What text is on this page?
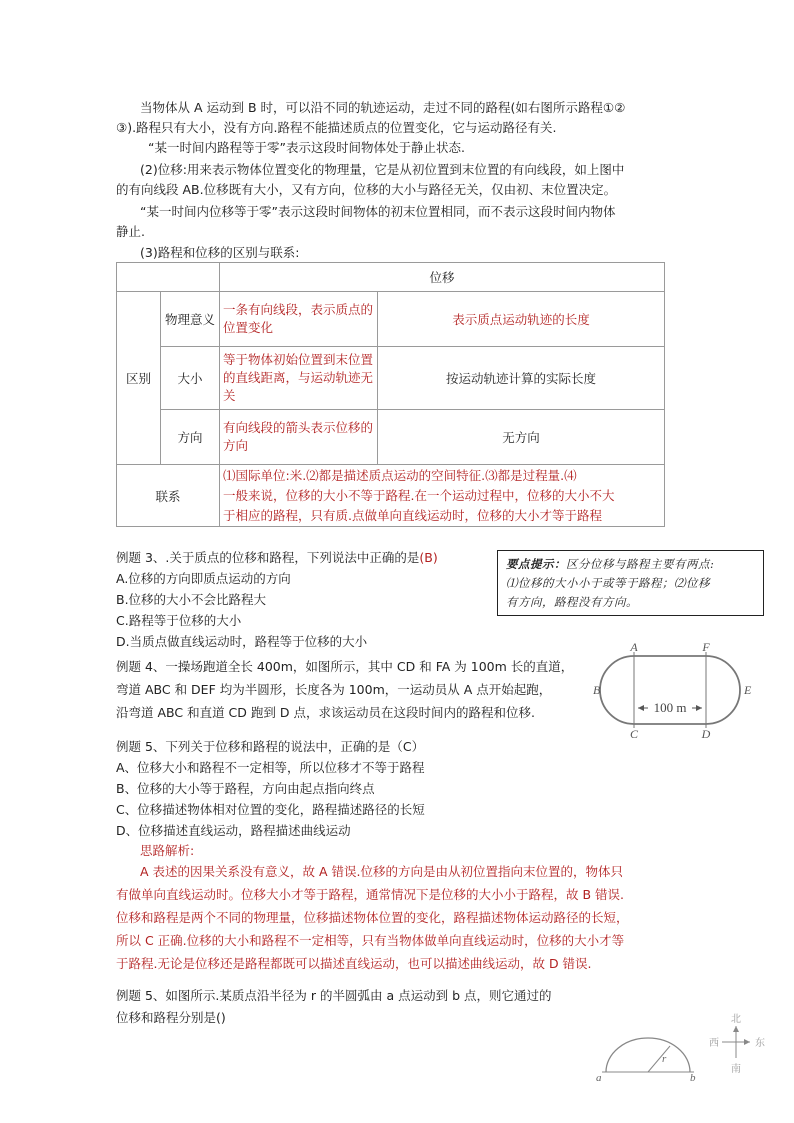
当物体从 A 运动到 B 时，可以沿不同的轨迹运动，走过不同的路程(如右图所示路程①②
③).路程只有大小，没有方向.路程不能描述质点的位置变化，它与运动路径有关.
“某一时间内路程等于零”表示这段时间物体处于静止状态.
(2)位移:用来表示物体位置变化的物理量，它是从初位置到末位置的有向线段，如上图中
的有向线段 AB.位移既有大小，又有方向，位移的大小与路径无关，仅由初、末位置决定。
“某一时间内位移等于零”表示这段时间物体的初末位置相同，而不表示这段时间内物体
静止.
(3)路程和位移的区别与联系:
		位移	
区别	物理意义	一条有向线段，表示质点的位置变化	表示质点运动轨迹的长度
	大小	等于物体初始位置到末位置的直线距离，与运动轨迹无关	按运动轨迹计算的实际长度
	方向	有向线段的箭头表示位移的方向	无方向
联系		⑴国际单位:米.⑵都是描述质点运动的空间特征.⑶都是过程量.⑷
一般来说，位移的大小不等于路程.在一个运动过程中，位移的大小不大
于相应的路程，只有质.点做单向直线运动时，位移的大小才等于路程	
例题 3、.关于质点的位移和路程，下列说法中正确的是(B)
A.位移的方向即质点运动的方向
B.位移的大小不会比路程大
C.路程等于位移的大小
D.当质点做直线运动时，路程等于位移的大小
要点提示：区分位移与路程主要有两点:
⑴位移的大小小于或等于路程；⑵位移
有方向，路程没有方向。
例题 4、一操场跑道全长 400m，如图所示，其中 CD 和 FA 为 100m 长的直道，
弯道 ABC 和 DEF 均为半圆形，长度各为 100m，一运动员从 A 点开始起跑，
沿弯道 ABC 和直道 CD 跑到 D 点，求该运动员在这段时间内的路程和位移.	100 m
A	F
B	E
C	D
例题 5、下列关于位移和路程的说法中，正确的是（C）
A、位移大小和路程不一定相等，所以位移才不等于路程
B、位移的大小等于路程，方向由起点指向终点
C、位移描述物体相对位置的变化，路程描述路径的长短
D、位移描述直线运动，路程描述曲线运动
思路解析:
A 表述的因果关系没有意义，故 A 错误.位移的方向是由从初位置指向末位置的，物体只
有做单向直线运动时。位移大小才等于路程，通常情况下是位移的大小小于路程，故 B 错误.
位移和路程是两个不同的物理量，位移描述物体位置的变化，路程描述物体运动路径的长短，
所以 C 正确.位移的大小和路程不一定相等，只有当物体做单向直线运动时，位移的大小才等
于路程.无论是位移还是路程都既可以描述直线运动，也可以描述曲线运动，故 D 错误.
例题 5、如图所示.某质点沿半径为 r 的半圆弧由 a 点运动到 b 点，则它通过的
位移和路程分别是()
r
a	b
北
南
西	东
